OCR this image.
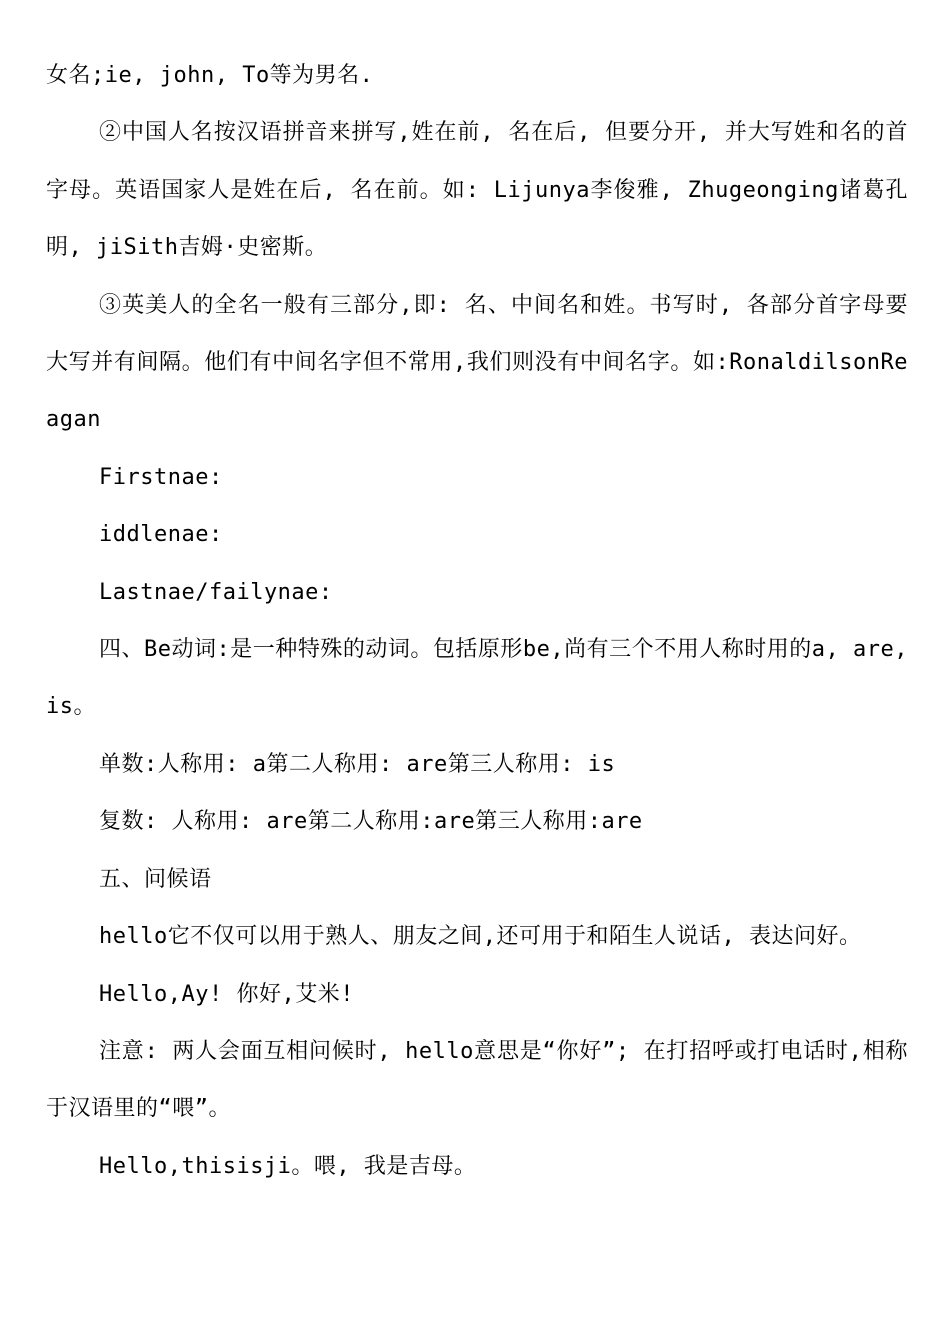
女名;ie, john, To等为男名.

②中国人名按汉语拼音来拼写,姓在前, 名在后, 但要分开, 并大写姓和名的首字母。英语国家人是姓在后, 名在前。如: Lijunya李俊雅, Zhugeonging诸葛孔明, jiSith吉姆·史密斯。

③英美人的全名一般有三部分,即: 名、中间名和姓。书写时, 各部分首字母要大写并有间隔。他们有中间名字但不常用,我们则没有中间名字。如:RonaldilsonReagan

Firstnae:

iddlenae:

Lastnae/failynae:

四、Be动词:是一种特殊的动词。包括原形be,尚有三个不用人称时用的a, are, is。

单数:人称用: a第二人称用: are第三人称用: is

复数: 人称用: are第二人称用:are第三人称用:are

五、问候语

hello它不仅可以用于熟人、朋友之间,还可用于和陌生人说话, 表达问好。

Hello,Ay! 你好,艾米!

注意: 两人会面互相问候时, hello意思是“你好”; 在打招呼或打电话时,相称于汉语里的“喂”。

Hello,thisisji。喂, 我是吉母。
